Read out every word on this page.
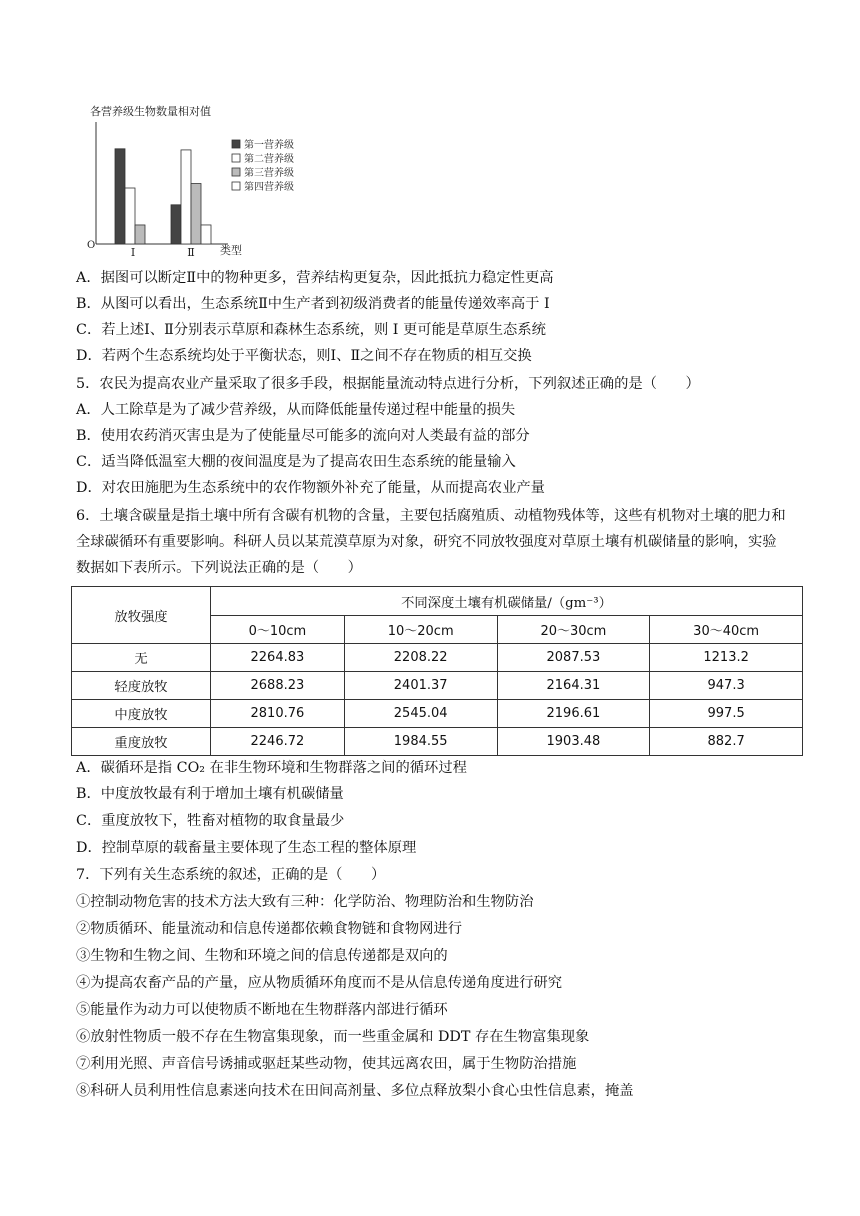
各营养级生物数量相对值
O	类型
Ⅰ	Ⅱ
第一营养级
第二营养级
第三营养级
第四营养级
A．据图可以断定Ⅱ中的物种更多，营养结构更复杂，因此抵抗力稳定性更高
B．从图可以看出，生态系统Ⅱ中生产者到初级消费者的能量传递效率高于 I
C．若上述Ⅰ、Ⅱ分别表示草原和森林生态系统，则 I 更可能是草原生态系统
D．若两个生态系统均处于平衡状态，则Ⅰ、Ⅱ之间不存在物质的相互交换
5．农民为提高农业产量采取了很多手段，根据能量流动特点进行分析，下列叙述正确的是（　　）
A．人工除草是为了减少营养级，从而降低能量传递过程中能量的损失
B．使用农药消灭害虫是为了使能量尽可能多的流向对人类最有益的部分
C．适当降低温室大棚的夜间温度是为了提高农田生态系统的能量输入
D．对农田施肥为生态系统中的农作物额外补充了能量，从而提高农业产量
6．土壤含碳量是指土壤中所有含碳有机物的含量，主要包括腐殖质、动植物残体等，这些有机物对土壤的肥力和全球碳循环有重要影响。科研人员以某荒漠草原为对象，研究不同放牧强度对草原土壤有机碳储量的影响，实验数据如下表所示。下列说法正确的是（　　）
放牧强度	不同深度土壤有机碳储量/（gm⁻³）			
	0～10cm	10～20cm	20～30cm	30～40cm
无	2264.83	2208.22	2087.53	1213.2
轻度放牧	2688.23	2401.37	2164.31	947.3
中度放牧	2810.76	2545.04	2196.61	997.5
重度放牧	2246.72	1984.55	1903.48	882.7
A．碳循环是指 CO₂ 在非生物环境和生物群落之间的循环过程
B．中度放牧最有利于增加土壤有机碳储量
C．重度放牧下，牲畜对植物的取食量最少
D．控制草原的载畜量主要体现了生态工程的整体原理
7．下列有关生态系统的叙述，正确的是（　　）
①控制动物危害的技术方法大致有三种：化学防治、物理防治和生物防治
②物质循环、能量流动和信息传递都依赖食物链和食物网进行
③生物和生物之间、生物和环境之间的信息传递都是双向的
④为提高农畜产品的产量，应从物质循环角度而不是从信息传递角度进行研究
⑤能量作为动力可以使物质不断地在生物群落内部进行循环
⑥放射性物质一般不存在生物富集现象，而一些重金属和 DDT 存在生物富集现象
⑦利用光照、声音信号诱捕或驱赶某些动物，使其远离农田，属于生物防治措施
⑧科研人员利用性信息素迷向技术在田间高剂量、多位点释放梨小食心虫性信息素，掩盖
